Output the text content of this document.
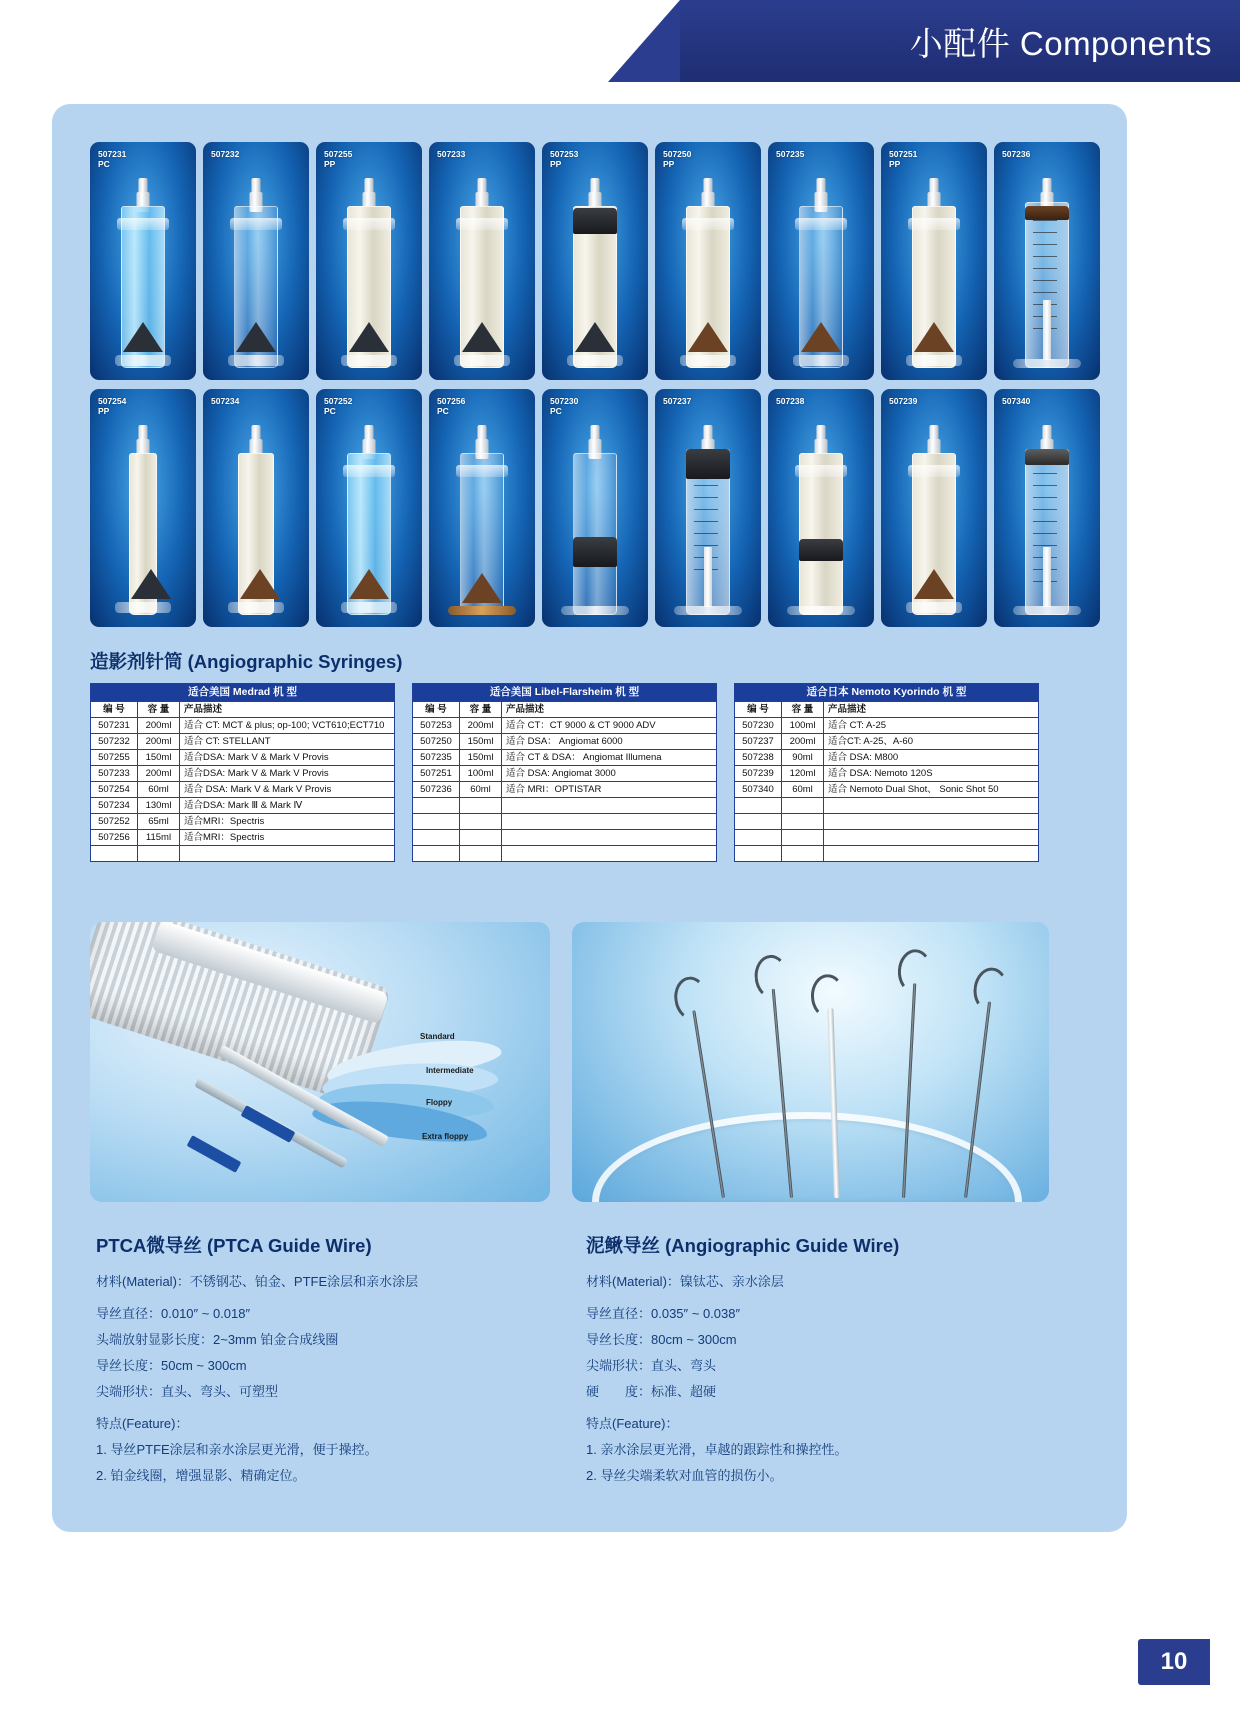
小配件 Components
507231
PC
507232	507255
PP
507233	507253
PP
507250
PP
507235	507251
PP
507236

507254
PP
507234	507252
PC
507256
PC
507230
PC
507237	507238	507239	507340

造影剂针筒 (Angiographic Syringes)
适合美国 Medrad 机 型		
编 号	容 量	产品描述
507231	200ml	适合 CT: MCT & plus; op-100; VCT610;ECT710
507232	200ml	适合 CT: STELLANT
507255	150ml	适合DSA: Mark V & Mark V Provis
507233	200ml	适合DSA: Mark V & Mark V Provis
507254	60ml	适合 DSA: Mark V & Mark V Provis
507234	130ml	适合DSA: Mark Ⅲ & Mark Ⅳ
507252	65ml	适合MRI：Spectris
507256	115ml	适合MRI：Spectris

适合美国 Libel-Flarsheim 机 型		
编 号	容 量	产品描述
507253	200ml	适合 CT：CT 9000 & CT 9000 ADV
507250	150ml	适合 DSA： Angiomat 6000
507235	150ml	适合 CT & DSA： Angiomat Illumena
507251	100ml	适合 DSA: Angiomat 3000
507236	60ml	适合 MRI：OPTISTAR

适合日本 Nemoto Kyorindo 机 型		
编 号	容 量	产品描述
507230	100ml	适合 CT: A-25
507237	200ml	适合CT: A-25、A-60
507238	90ml	适合 DSA: M800
507239	120ml	适合 DSA: Nemoto 120S
507340	60ml	适合 Nemoto Dual Shot、 Sonic Shot 50

Standard
Intermediate
Floppy
Extra floppy
PTCA微导丝 (PTCA Guide Wire)

材料(Material)：不锈钢芯、铂金、PTFE涂层和亲水涂层

导丝直径：0.010″ ~ 0.018″

头端放射显影长度：2~3mm 铂金合成线圈

导丝长度：50cm ~ 300cm

尖端形状：直头、弯头、可塑型

特点(Feature)：

1. 导丝PTFE涂层和亲水涂层更光滑，便于操控。

2. 铂金线圈，增强显影、精确定位。

泥鳅导丝 (Angiographic Guide Wire)

材料(Material)：镍钛芯、亲水涂层

导丝直径：0.035″ ~ 0.038″

导丝长度：80cm ~ 300cm

尖端形状：直头、弯头

硬　　度：标准、超硬

特点(Feature)：

1. 亲水涂层更光滑，卓越的跟踪性和操控性。

2. 导丝尖端柔软对血管的损伤小。

10
